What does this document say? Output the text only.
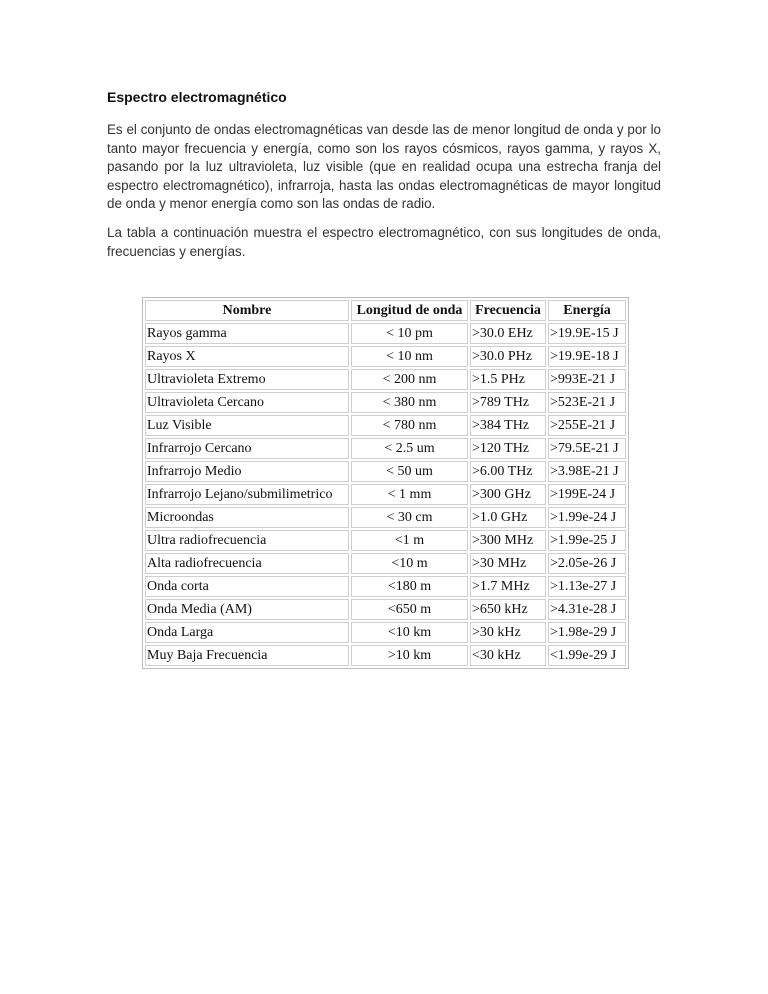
Espectro electromagnético

Es el conjunto de ondas electromagnéticas van desde las de menor longitud de onda y por lo tanto mayor frecuencia y energía, como son los rayos cósmicos, rayos gamma, y rayos X, pasando por la luz ultravioleta, luz visible (que en realidad ocupa una estrecha franja del espectro electromagnético), infrarroja, hasta las ondas electromagnéticas de mayor longitud de onda y menor energía como son las ondas de radio.

La tabla a continuación muestra el espectro electromagnético, con sus longitudes de onda, frecuencias y energías.

Nombre	Longitud de onda	Frecuencia	Energía
Rayos gamma	< 10 pm	>30.0 EHz	>19.9E-15 J
Rayos X	< 10 nm	>30.0 PHz	>19.9E-18 J
Ultravioleta Extremo	< 200 nm	>1.5 PHz	>993E-21 J
Ultravioleta Cercano	< 380 nm	>789 THz	>523E-21 J
Luz Visible	< 780 nm	>384 THz	>255E-21 J
Infrarrojo Cercano	< 2.5 um	>120 THz	>79.5E-21 J
Infrarrojo Medio	< 50 um	>6.00 THz	>3.98E-21 J
Infrarrojo Lejano/submilimetrico	< 1 mm	>300 GHz	>199E-24 J
Microondas	< 30 cm	>1.0 GHz	>1.99e-24 J
Ultra radiofrecuencia	<1 m	>300 MHz	>1.99e-25 J
Alta radiofrecuencia	<10 m	>30 MHz	>2.05e-26 J
Onda corta	<180 m	>1.7 MHz	>1.13e-27 J
Onda Media (AM)	<650 m	>650 kHz	>4.31e-28 J
Onda Larga	<10 km	>30 kHz	>1.98e-29 J
Muy Baja Frecuencia	>10 km	<30 kHz	<1.99e-29 J
